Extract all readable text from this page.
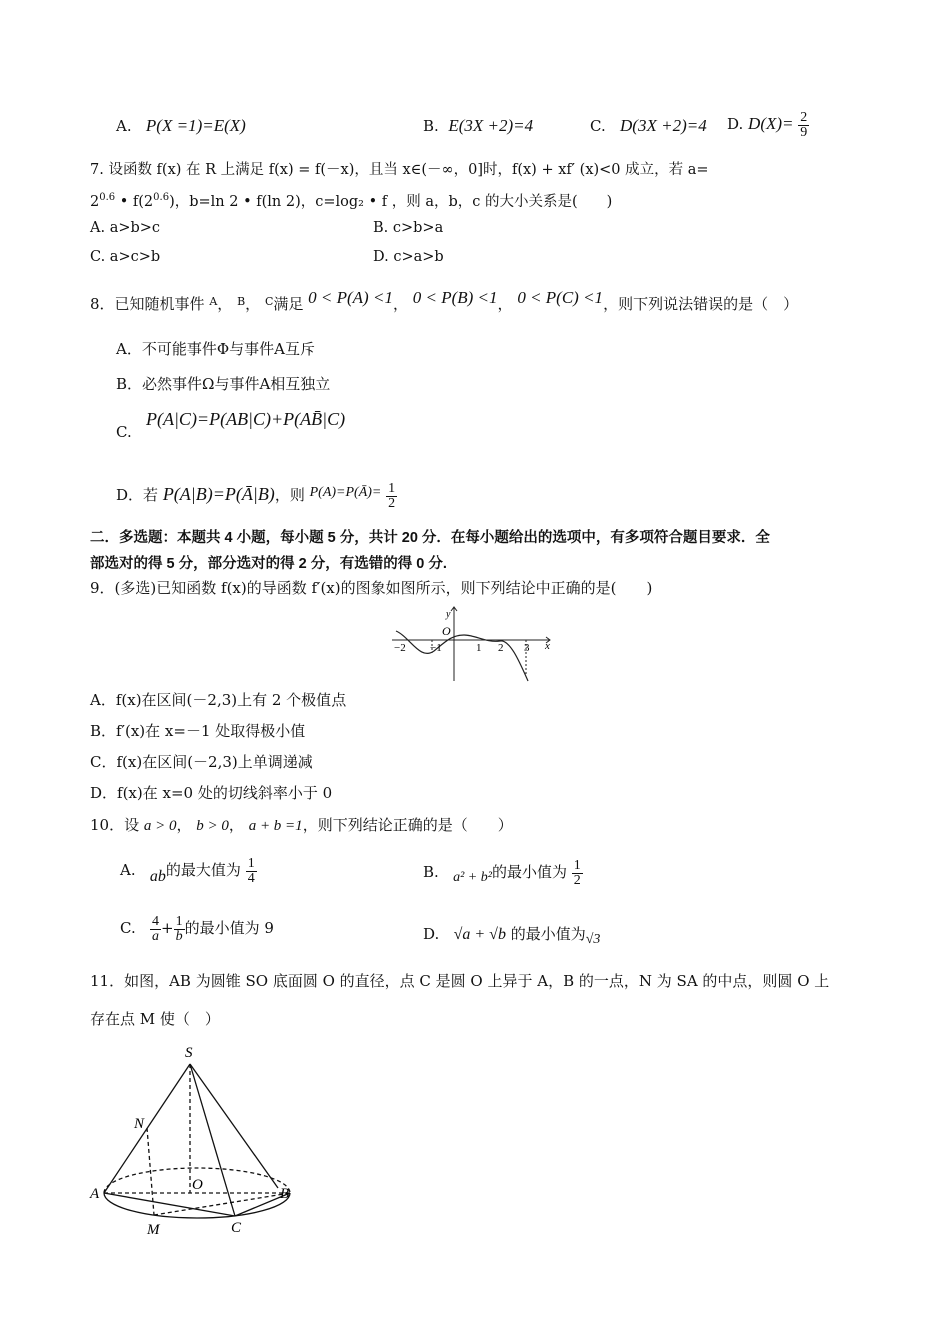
A. P(X =1)=E(X)	B. E(3X +2)=4	C. D(3X +2)=4 D. $D(X)= \frac{2}{9}$
7. 设函数 f(x) 在 R 上满足 f(x) = f(－x)，且当 x∈(－∞，0]时，f(x) + xf′ (x)<0 成立，若 a=
$2^{0.6}$ • $f(2^{0.6})$，b=ln 2 • f(ln 2)，c=log₂ • f ，则 a，b，c 的大小关系是(　　)
A. a>b>c	B. c>b>a
C. a>c>b	D. c>a>b
8．已知随机事件 $^A$， $^B$， $^C$满足 0 < P(A) <1， 0 < P(B) <1， 0 < P(C) <1，则下列说法错误的是（　）
A．不可能事件Φ与事件A互斥
B．必然事件Ω与事件A相互独立
C.
P(A|C)=P(AB|C)+P(AB̄|C)
D．若 P(A|B)=P(Ā|B)，则 P(A)=P(Ā)= $\frac{1}{2}$
二．多选题：本题共 4 小题，每小题 5 分，共计 20 分．在每小题给出的选项中，有多项符合题目要求．全
部选对的得 5 分，部分选对的得 2 分，有选错的得 0 分.
9．(多选)已知函数 f(x)的导函数 f′(x)的图象如图所示，则下列结论中正确的是(　　)
y
O
x
−2 −1	1 2 3
A．f(x)在区间(－2,3)上有 2 个极值点
B．f′(x)在 x=－1 处取得极小值
C．f(x)在区间(－2,3)上单调递减
D．f(x)在 x=0 处的切线斜率小于 0
10．设 a > 0， b > 0， a + b =1，则下列结论正确的是（　　）
A. ab的最大值为 $\frac{1}{4}$	B. a² + b²的最小值为 $\frac{1}{2}$
C. $\frac{4}{a} + \frac{1}{b}$ 的最小值为 9	D. √a + √b 的最小值为√3
11．如图，AB 为圆锥 SO 底面圆 O 的直径，点 C 是圆 O 上异于 A，B 的一点，N 为 SA 的中点，则圆 O 上
存在点 M 使（　）
S
N
O
A	B
M	C
